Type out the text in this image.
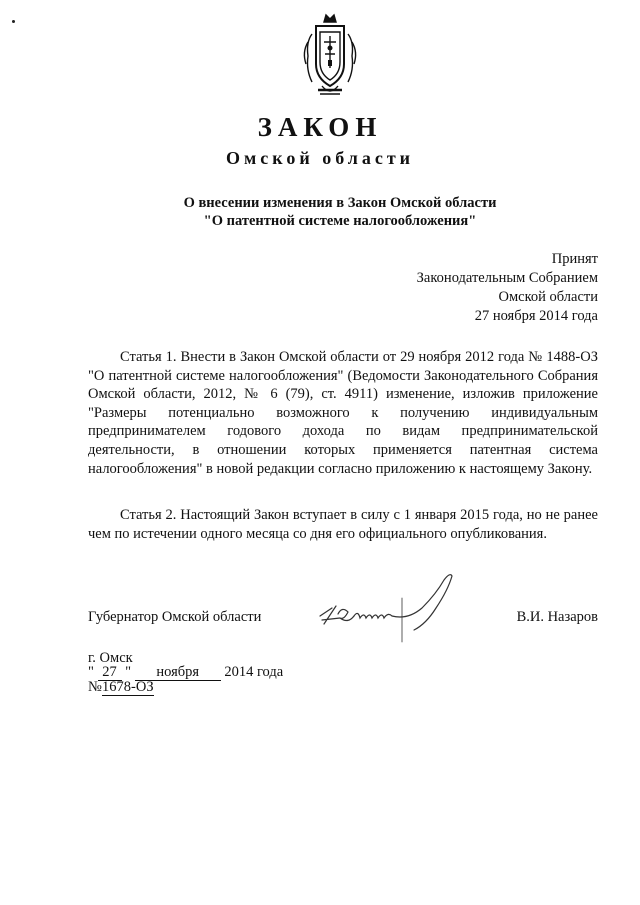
ЗАКОН
Омской области
О внесении изменения в Закон Омской области
"О патентной системе налогообложения"
Принят
Законодательным Собранием
Омской области
27 ноября 2014 года
Статья 1. Внести в Закон Омской области от 29 ноября 2012 года № 1488-ОЗ "О патентной системе налогообложения" (Ведомости Законодательного Собрания Омской области, 2012, № 6 (79), ст. 4911) изменение, изложив приложение "Размеры потенциально возможного к получению индивидуальным предпринимателем годового дохода по видам предпринимательской деятельности, в отношении которых применяется патентная система налогообложения" в новой редакции согласно приложению к настоящему Закону.
Статья 2. Настоящий Закон вступает в силу с 1 января 2015 года, но не ранее чем по истечении одного месяца со дня его официального опубликования.
Губернатор Омской области	В.И. Назаров
г. Омск
" 27 " ноября 2014 года
№1678-ОЗ
